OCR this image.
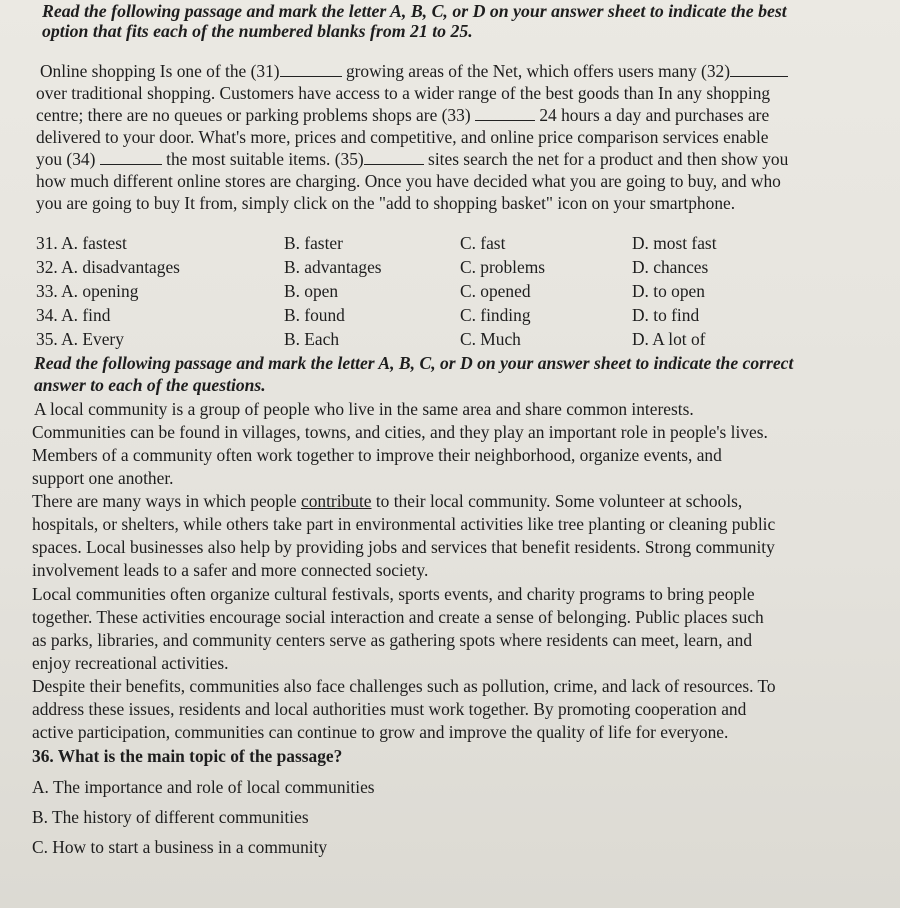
Read the following passage and mark the letter A, B, C, or D on your answer sheet to indicate the best
option that fits each of the numbered blanks from 21 to 25.
Online shopping Is one of the (31)	growing areas of the Net, which offers users many (32)
over traditional shopping. Customers have access to a wider range of the best goods than In any shopping
centre; there are no queues or parking problems shops are (33)	24 hours a day and purchases are
delivered to your door. What's more, prices and competitive, and online price comparison services enable
you (34)	the most suitable items. (35)	sites search the net for a product and then show you
how much different online stores are charging. Once you have decided what you are going to buy, and who
you are going to buy It from, simply click on the "add to shopping basket" icon on your smartphone.
31. A. fastest	B. faster	C. fast	D. most fast
32. A. disadvantages	B. advantages	C. problems	D. chances
33. A. opening	B. open	C. opened	D. to open
34. A. find	B. found	C. finding	D. to find
35. A. Every	B. Each	C. Much	D. A lot of
Read the following passage and mark the letter A, B, C, or D on your answer sheet to indicate the correct
answer to each of the questions.
A local community is a group of people who live in the same area and share common interests.
Communities can be found in villages, towns, and cities, and they play an important role in people's lives.
Members of a community often work together to improve their neighborhood, organize events, and
support one another.
There are many ways in which people contribute to their local community. Some volunteer at schools,
hospitals, or shelters, while others take part in environmental activities like tree planting or cleaning public
spaces. Local businesses also help by providing jobs and services that benefit residents. Strong community
involvement leads to a safer and more connected society.
Local communities often organize cultural festivals, sports events, and charity programs to bring people
together. These activities encourage social interaction and create a sense of belonging. Public places such
as parks, libraries, and community centers serve as gathering spots where residents can meet, learn, and
enjoy recreational activities.
Despite their benefits, communities also face challenges such as pollution, crime, and lack of resources. To
address these issues, residents and local authorities must work together. By promoting cooperation and
active participation, communities can continue to grow and improve the quality of life for everyone.
36. What is the main topic of the passage?
A. The importance and role of local communities
B. The history of different communities
C. How to start a business in a community
